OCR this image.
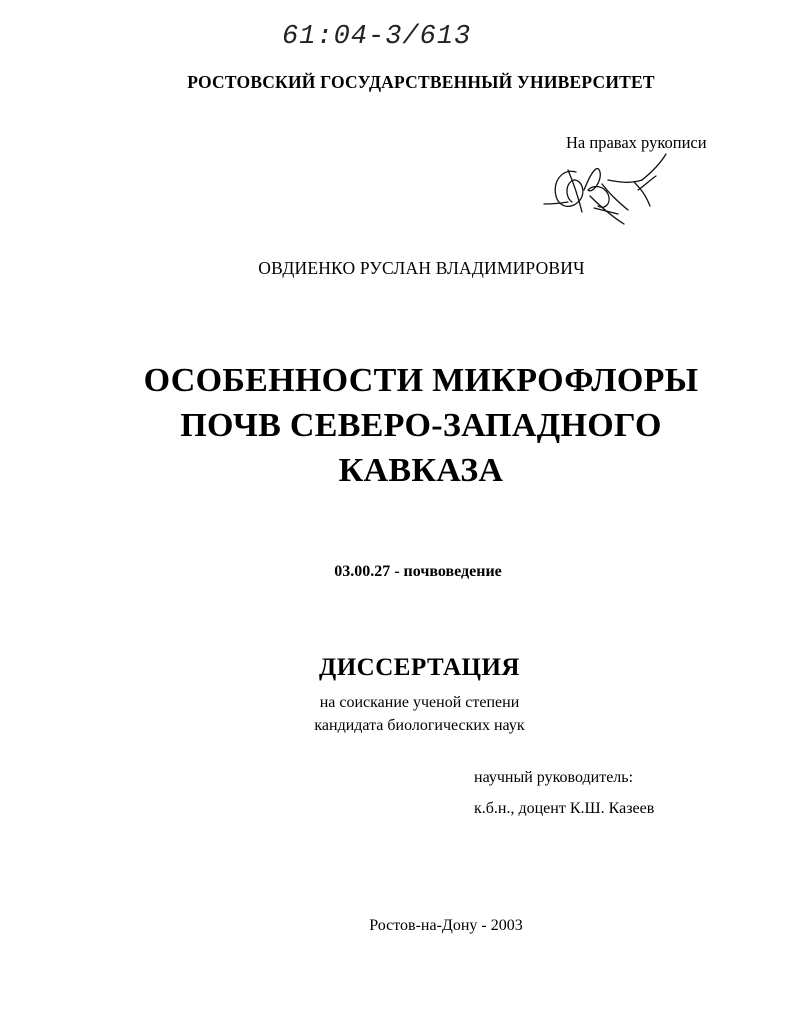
61:04-3/613
РОСТОВСКИЙ ГОСУДАРСТВЕННЫЙ УНИВЕРСИТЕТ
На правах рукописи
ОВДИЕНКО РУСЛАН ВЛАДИМИРОВИЧ
ОСОБЕННОСТИ МИКРОФЛОРЫ
ПОЧВ СЕВЕРО-ЗАПАДНОГО
КАВКАЗА
03.00.27 - почвоведение
ДИССЕРТАЦИЯ
на соискание ученой степени
кандидата биологических наук
научный руководитель:
к.б.н., доцент К.Ш. Казеев
Ростов-на-Дону - 2003
